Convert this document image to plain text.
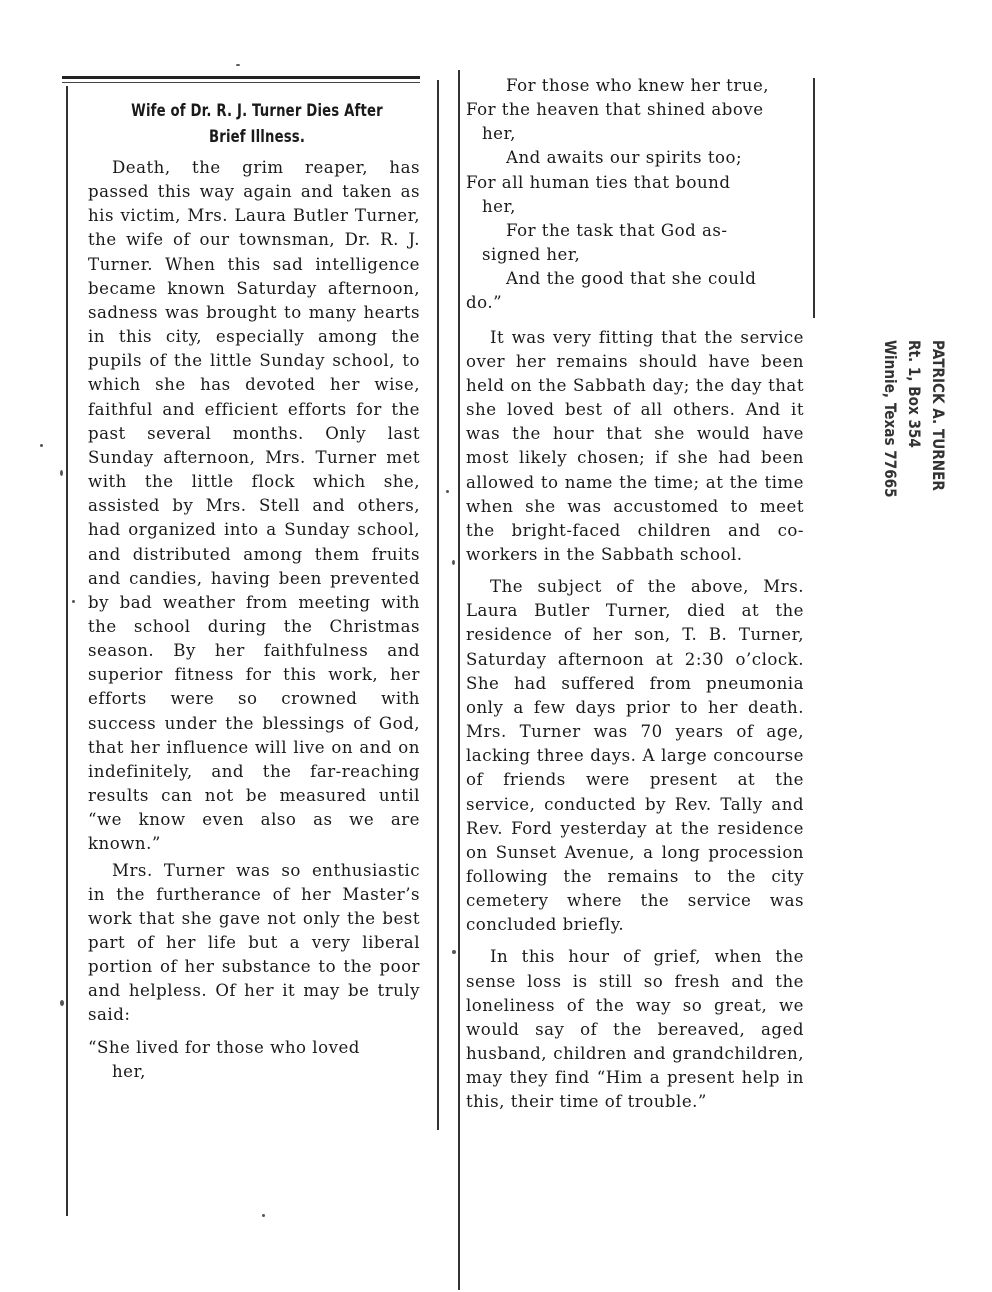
Wife of Dr. R. J. Turner Dies After
Brief Illness.

Death, the grim reaper, has passed this way again and taken as his victim, Mrs. Laura Butler Turner, the wife of our townsman, Dr. R. J. Turner. When this sad intelligence became known Saturday afternoon, sadness was brought to many hearts in this city, especially among the pupils of the little Sunday school, to which she has devoted her wise, faithful and efficient efforts for the past several months. Only last Sunday afternoon, Mrs. Turner met with the little flock which she, assisted by Mrs. Stell and others, had organized into a Sunday school, and distributed among them fruits and candies, having been prevented by bad weather from meeting with the school during the Christmas season. By her faithfulness and superior fitness for this work, her efforts were so crowned with success under the blessings of God, that her influence will live on and on indefinitely, and the far-reaching results can not be measured until “we know even also as we are known.”

Mrs. Turner was so enthusiastic in the furtherance of her Master’s work that she gave not only the best part of her life but a very liberal portion of her substance to the poor and helpless. Of her it may be truly said:

“She lived for those who loved
her,
For those who knew her true,
For the heaven that shined above
her,
And awaits our spirits too;
For all human ties that bound
her,
For the task that God as-
signed her,
And the good that she could
do.”

It was very fitting that the service over her remains should have been held on the Sabbath day; the day that she loved best of all others. And it was the hour that she would have most likely chosen; if she had been allowed to name the time; at the time when she was accustomed to meet the bright-faced children and co-workers in the Sabbath school.

The subject of the above, Mrs. Laura Butler Turner, died at the residence of her son, T. B. Turner, Saturday afternoon at 2:30 o’clock. She had suffered from pneumonia only a few days prior to her death. Mrs. Turner was 70 years of age, lacking three days. A large concourse of friends were present at the service, conducted by Rev. Tally and Rev. Ford yesterday at the residence on Sunset Avenue, a long procession following the remains to the city cemetery where the service was concluded briefly.

In this hour of grief, when the sense loss is still so fresh and the loneliness of the way so great, we would say of the bereaved, aged husband, children and grandchildren, may they find “Him a present help in this, their time of trouble.”

PATRICK A. TURNER
Rt. 1, Box 354
Winnie, Texas 77665
